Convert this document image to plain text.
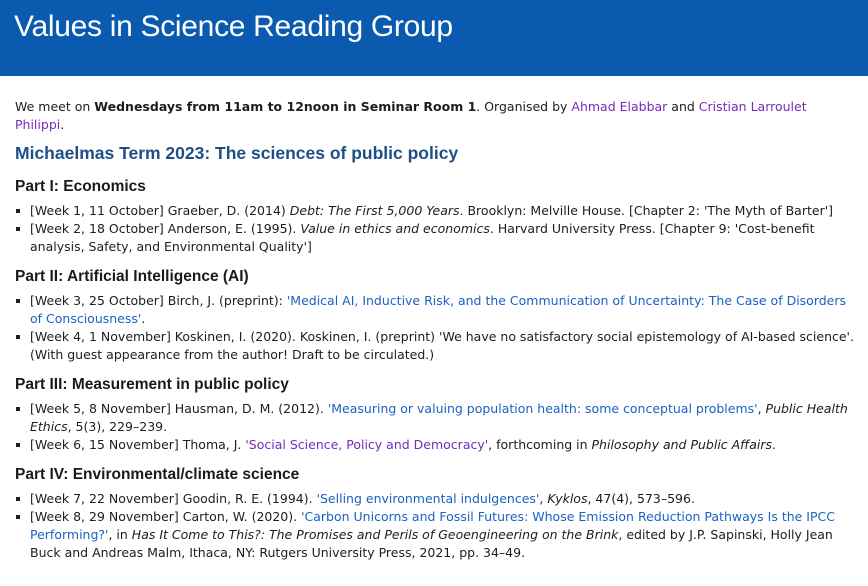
Values in Science Reading Group

We meet on Wednesdays from 11am to 12noon in Seminar Room 1. Organised by Ahmad Elabbar and Cristian Larroulet Philippi.

Michaelmas Term 2023: The sciences of public policy
Part I: Economics
[Week 1, 11 October] Graeber, D. (2014) Debt: The First 5,000 Years. Brooklyn: Melville House. [Chapter 2: 'The Myth of Barter']
[Week 2, 18 October] Anderson, E. (1995). Value in ethics and economics. Harvard University Press. [Chapter 9: 'Cost-benefit analysis, Safety, and Environmental Quality']
Part II: Artificial Intelligence (AI)
[Week 3, 25 October] Birch, J. (preprint): 'Medical AI, Inductive Risk, and the Communication of Uncertainty: The Case of Disorders of Consciousness'.
[Week 4, 1 November] Koskinen, I. (2020). Koskinen, I. (preprint) 'We have no satisfactory social epistemology of AI-based science'. (With guest appearance from the author! Draft to be circulated.)
Part III: Measurement in public policy
[Week 5, 8 November] Hausman, D. M. (2012). 'Measuring or valuing population health: some conceptual problems', Public Health Ethics, 5(3), 229–239.
[Week 6, 15 November] Thoma, J. 'Social Science, Policy and Democracy', forthcoming in Philosophy and Public Affairs.
Part IV: Environmental/climate science
[Week 7, 22 November] Goodin, R. E. (1994). 'Selling environmental indulgences', Kyklos, 47(4), 573–596.
[Week 8, 29 November] Carton, W. (2020). 'Carbon Unicorns and Fossil Futures: Whose Emission Reduction Pathways Is the IPCC Performing?', in Has It Come to This?: The Promises and Perils of Geoengineering on the Brink, edited by J.P. Sapinski, Holly Jean Buck and Andreas Malm, Ithaca, NY: Rutgers University Press, 2021, pp. 34–49.
